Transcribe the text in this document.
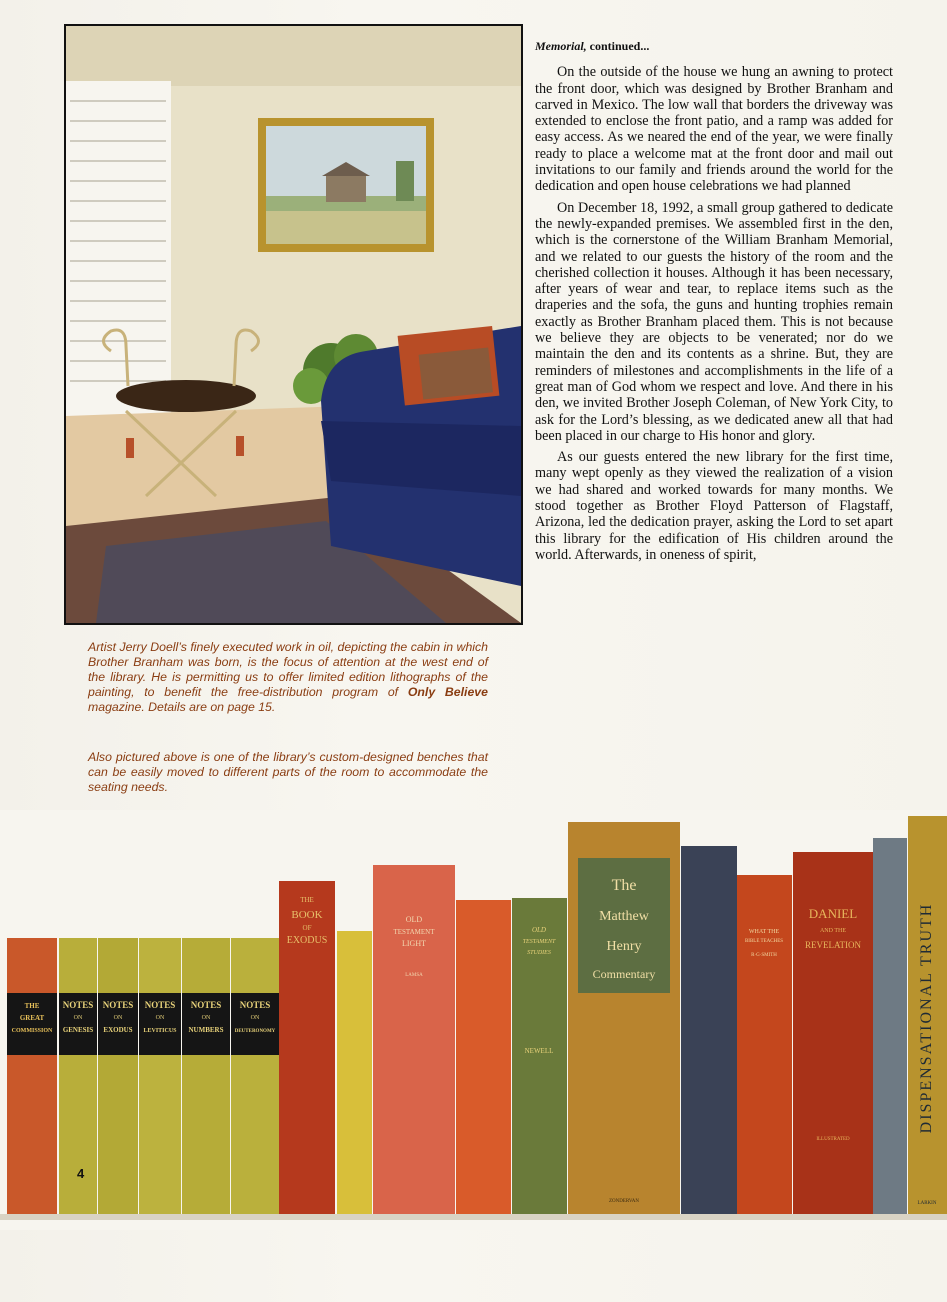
Artist Jerry Doell’s finely executed work in oil, depicting the cabin in which Brother Branham was born, is the focus of attention at the west end of the library. He is permitting us to offer limited edition lithographs of the painting, to benefit the free-distribution program of Only Believe magazine. Details are on page 15.
Also pictured above is one of the library’s custom-designed benches that can be easily moved to different parts of the room to accommodate the seating needs.
Memorial, continued...

On the outside of the house we hung an awning to protect the front door, which was designed by Brother Branham and carved in Mexico. The low wall that borders the driveway was extended to enclose the front patio, and a ramp was added for easy access. As we neared the end of the year, we were finally ready to place a welcome mat at the front door and mail out invitations to our family and friends around the world for the dedication and open house celebrations we had planned

On December 18, 1992, a small group gathered to dedicate the newly-expanded premises. We assembled first in the den, which is the cornerstone of the William Branham Memorial, and we related to our guests the history of the room and the cherished collection it houses. Although it has been necessary, after years of wear and tear, to replace items such as the draperies and the sofa, the guns and hunting trophies remain exactly as Brother Branham placed them. This is not because we believe they are objects to be venerated; nor do we maintain the den and its contents as a shrine. But, they are reminders of milestones and accomplishments in the life of a great man of God whom we respect and love. And there in his den, we invited Brother Joseph Coleman, of New York City, to ask for the Lord’s blessing, as we dedicated anew all that had been placed in our charge to His honor and glory.

As our guests entered the new library for the first time, many wept openly as they viewed the realization of a vision we had shared and worked towards for many months. We stood together as Brother Floyd Patterson of Flagstaff, Arizona, led the dedication prayer, asking the Lord to set apart this library for the edification of His children around the world. Afterwards, in oneness of spirit,

THE
GREAT
COMMISSION
NOTES
ON
GENESIS
NOTES
ON
EXODUS
NOTES
ON
LEVITICUS
NOTES
ON
NUMBERS
NOTES
ON
DEUTERONOMY
THE
BOOK
OF
EXODUS
OLD
TESTAMENT
LIGHT
LAMSA
OLD
TESTAMENT
STUDIES
NEWELL
The
Matthew
Henry
Commentary
ZONDERVAN
WHAT THE
BIBLE TEACHES
R·G·SMITH
DANIEL
AND THE
REVELATION
ILLUSTRATED
DISPENSATIONAL TRUTH
LARKIN
4
